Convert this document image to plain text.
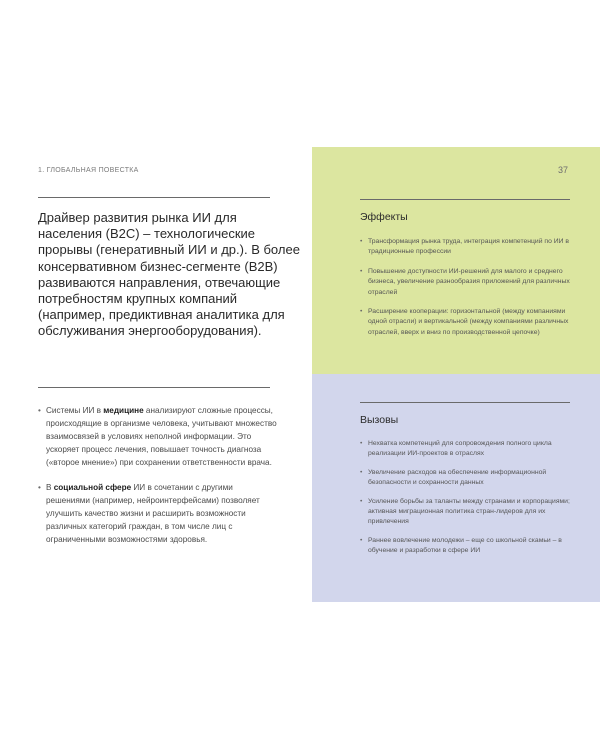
1. ГЛОБАЛЬНАЯ ПОВЕСТКА	37

Драйвер развития рынка ИИ для населения (B2C) – технологические прорывы (генеративный ИИ и др.). В более консервативном бизнес-сегменте (B2B) развиваются направления, отвечающие потребностям крупных компаний (например, предиктивная аналитика для обслуживания энергооборудования).

• Системы ИИ в медицине анализируют сложные процессы, происходящие в организме человека, учитывают множество взаимосвязей в условиях неполной информации. Это ускоряет процесс лечения, повышает точность диагноза («второе мнение») при сохранении ответственности врача.
• В социальной сфере ИИ в сочетании с другими решениями (например, нейроинтерфейсами) позволяет улучшить качество жизни и расширить возможности различных категорий граждан, в том числе лиц с ограниченными возможностями здоровья.
Эффекты
• Трансформация рынка труда, интеграция компетенций по ИИ в традиционные профессии
• Повышение доступности ИИ-решений для малого и среднего бизнеса, увеличение разнообразия приложений для различных отраслей
• Расширение кооперации: горизонтальной (между компаниями одной отрасли) и вертикальной (между компаниями различных отраслей, вверх и вниз по производственной цепочке)
Вызовы
• Нехватка компетенций для сопровождения полного цикла реализации ИИ-проектов в отраслях
• Увеличение расходов на обеспечение информационной безопасности и сохранности данных
• Усиление борьбы за таланты между странами и корпорациями; активная миграционная политика стран-лидеров для их привлечения
• Раннее вовлечение молодежи – еще со школьной скамьи – в обучение и разработки в сфере ИИ
